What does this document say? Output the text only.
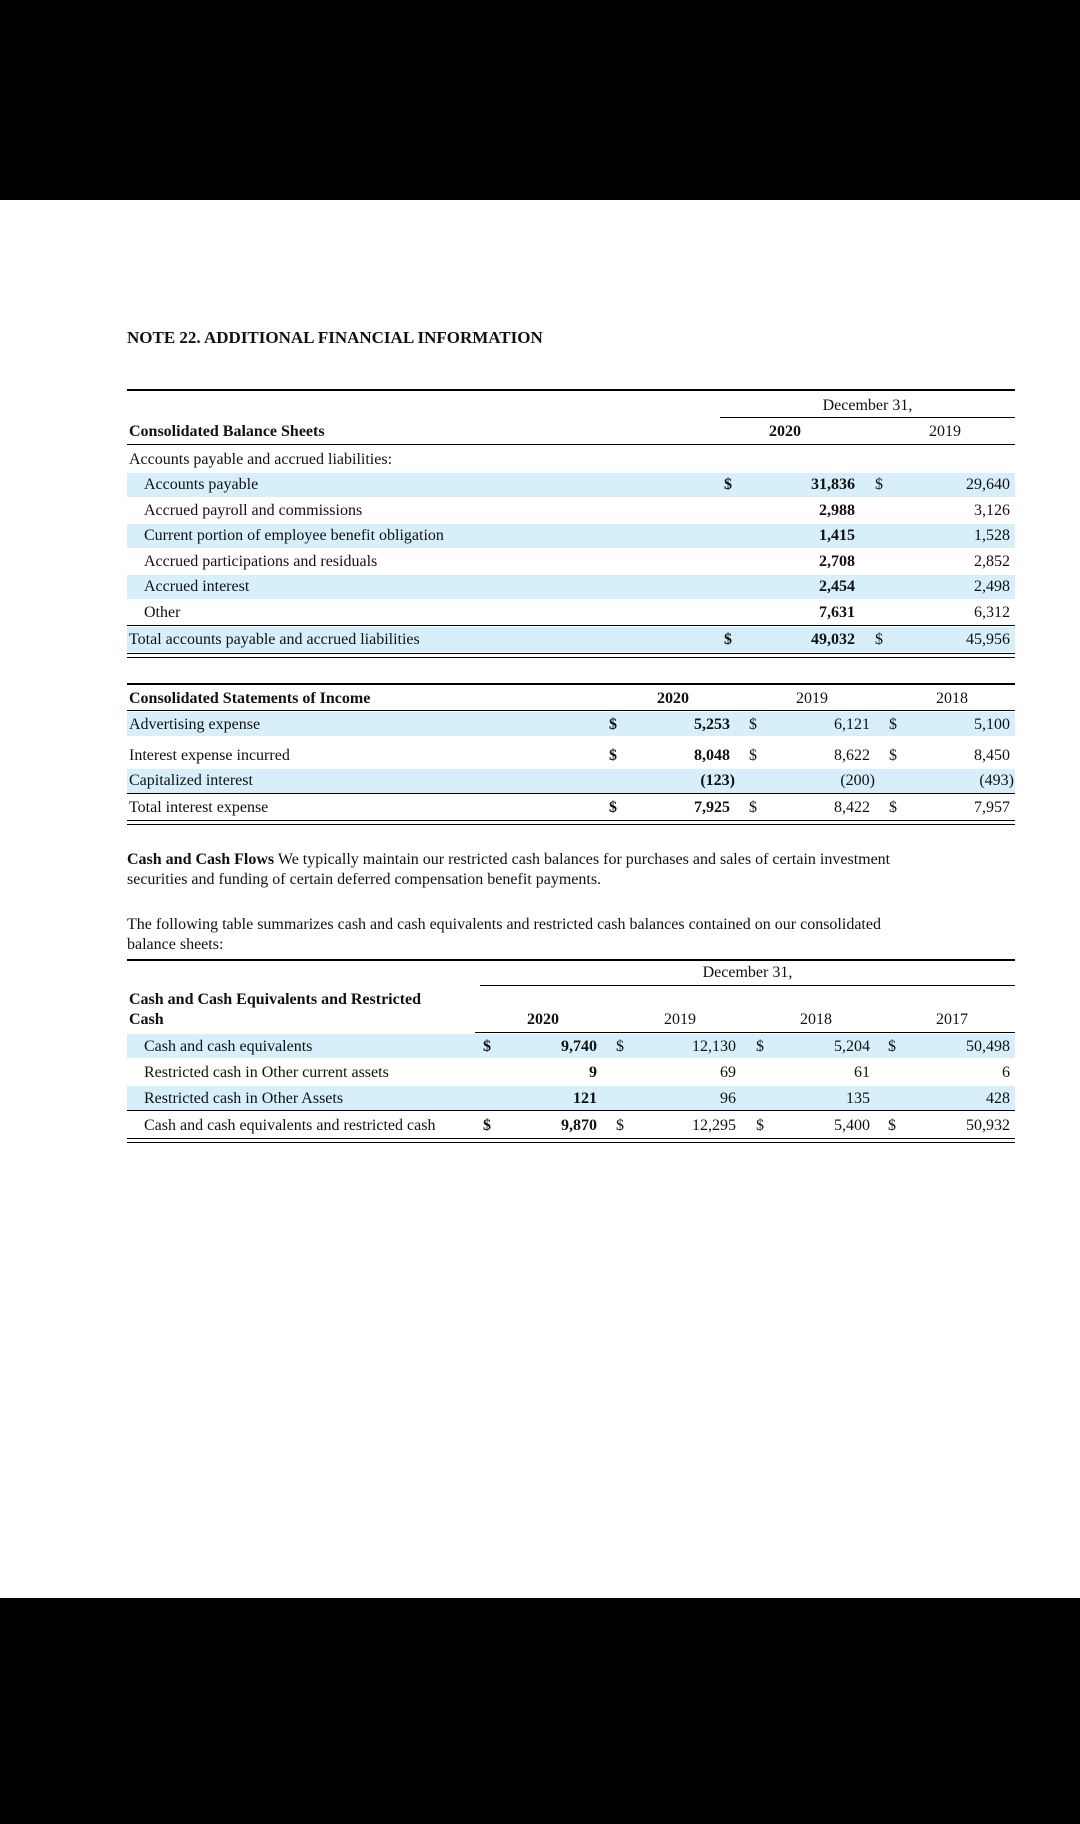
NOTE 22. ADDITIONAL FINANCIAL INFORMATION
December 31,
Consolidated Balance Sheets	2020	2019
Accounts payable and accrued liabilities:
Accounts payable	$	31,836 $	29,640
Accrued payroll and commissions	2,988	3,126
Current portion of employee benefit obligation	1,415	1,528
Accrued participations and residuals	2,708	2,852
Accrued interest	2,454	2,498
Other	7,631	6,312
Total accounts payable and accrued liabilities	$	49,032 $	45,956
Consolidated Statements of Income	2020	2019	2018
Advertising expense	$	5,253 $	6,121 $	5,100
Interest expense incurred	$	8,048 $	8,622 $	8,450
Capitalized interest	(123)	(200)	(493)
Total interest expense	$	7,925 $	8,422 $	7,957
Cash and Cash Flows We typically maintain our restricted cash balances for purchases and sales of certain investment securities and funding of certain deferred compensation benefit payments.
The following table summarizes cash and cash equivalents and restricted cash balances contained on our consolidated balance sheets:
December 31,
Cash and Cash Equivalents and Restricted
Cash	2020	2019	2018	2017
Cash and cash equivalents	$	9,740 $	12,130 $	5,204 $	50,498
Restricted cash in Other current assets	9	69	61	6
Restricted cash in Other Assets	121	96	135	428
Cash and cash equivalents and restricted cash	$	9,870 $	12,295 $	5,400 $	50,932
